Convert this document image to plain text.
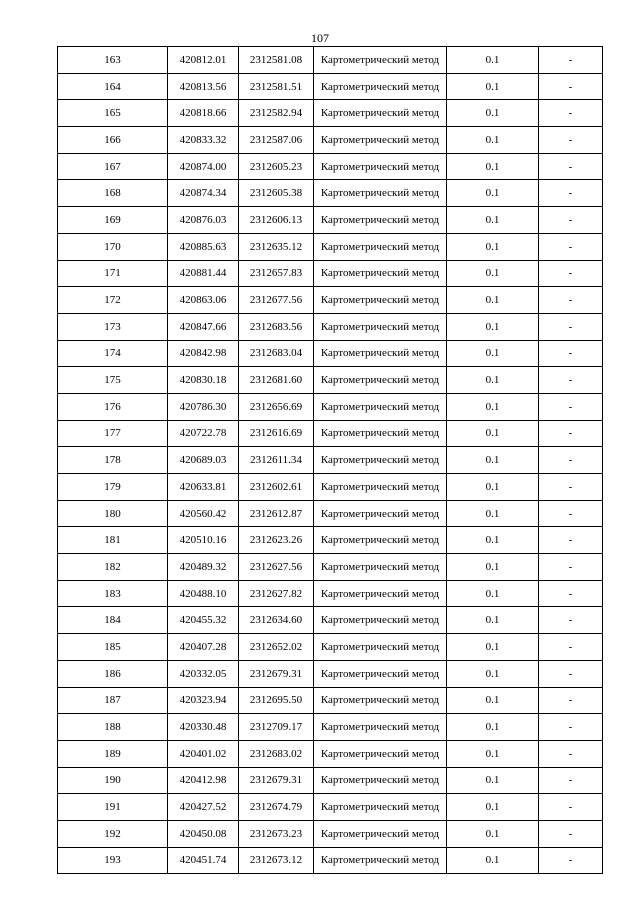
107
163	420812.01	2312581.08	Картометрический метод	0.1	-
164	420813.56	2312581.51	Картометрический метод	0.1	-
165	420818.66	2312582.94	Картометрический метод	0.1	-
166	420833.32	2312587.06	Картометрический метод	0.1	-
167	420874.00	2312605.23	Картометрический метод	0.1	-
168	420874.34	2312605.38	Картометрический метод	0.1	-
169	420876.03	2312606.13	Картометрический метод	0.1	-
170	420885.63	2312635.12	Картометрический метод	0.1	-
171	420881.44	2312657.83	Картометрический метод	0.1	-
172	420863.06	2312677.56	Картометрический метод	0.1	-
173	420847.66	2312683.56	Картометрический метод	0.1	-
174	420842.98	2312683.04	Картометрический метод	0.1	-
175	420830.18	2312681.60	Картометрический метод	0.1	-
176	420786.30	2312656.69	Картометрический метод	0.1	-
177	420722.78	2312616.69	Картометрический метод	0.1	-
178	420689.03	2312611.34	Картометрический метод	0.1	-
179	420633.81	2312602.61	Картометрический метод	0.1	-
180	420560.42	2312612.87	Картометрический метод	0.1	-
181	420510.16	2312623.26	Картометрический метод	0.1	-
182	420489.32	2312627.56	Картометрический метод	0.1	-
183	420488.10	2312627.82	Картометрический метод	0.1	-
184	420455.32	2312634.60	Картометрический метод	0.1	-
185	420407.28	2312652.02	Картометрический метод	0.1	-
186	420332.05	2312679.31	Картометрический метод	0.1	-
187	420323.94	2312695.50	Картометрический метод	0.1	-
188	420330.48	2312709.17	Картометрический метод	0.1	-
189	420401.02	2312683.02	Картометрический метод	0.1	-
190	420412.98	2312679.31	Картометрический метод	0.1	-
191	420427.52	2312674.79	Картометрический метод	0.1	-
192	420450.08	2312673.23	Картометрический метод	0.1	-
193	420451.74	2312673.12	Картометрический метод	0.1	-
